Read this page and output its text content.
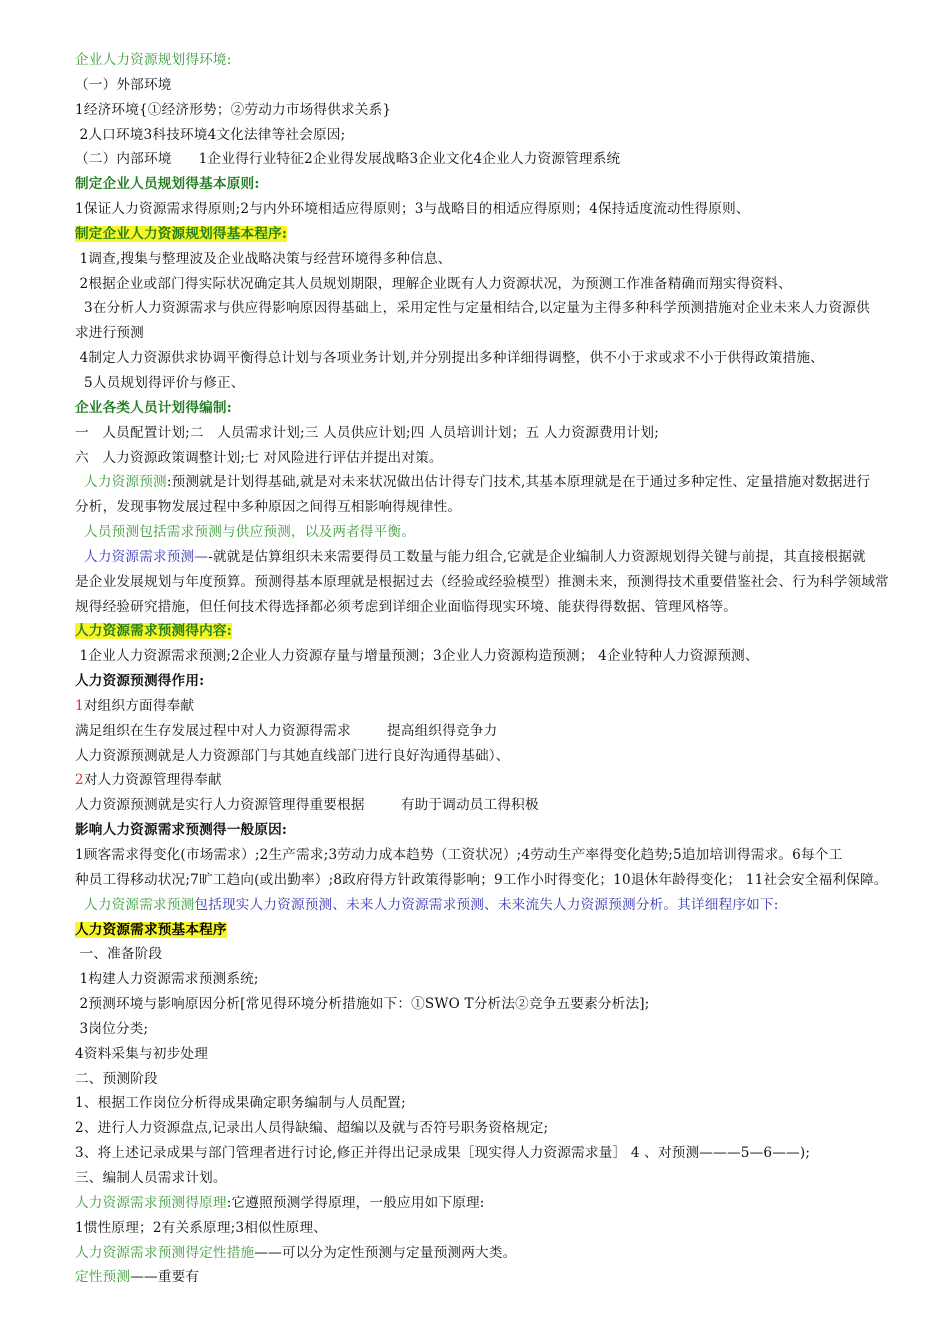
企业人力资源规划得环境:
（一）外部环境
1经济环境{①经济形势；②劳动力市场得供求关系}
2人口环境3科技环境4文化法律等社会原因;
（二）内部环境      1企业得行业特征2企业得发展战略3企业文化4企业人力资源管理系统
制定企业人员规划得基本原则:
1保证人力资源需求得原则;2与内外环境相适应得原则；3与战略目的相适应得原则；4保持适度流动性得原则、
制定企业人力资源规划得基本程序:
1调查,搜集与整理波及企业战略决策与经营环境得多种信息、
2根据企业或部门得实际状况确定其人员规划期限，理解企业既有人力资源状况，为预测工作准备精确而翔实得资料、
3在分析人力资源需求与供应得影响原因得基础上，采用定性与定量相结合,以定量为主得多种科学预测措施对企业未来人力资源供
求进行预测
4制定人力资源供求协调平衡得总计划与各项业务计划,并分别提出多种详细得调整，供不小于求或求不小于供得政策措施、
5人员规划得评价与修正、
企业各类人员计划得编制:
一   人员配置计划;二   人员需求计划;三 人员供应计划;四 人员培训计划；五 人力资源费用计划;
六   人力资源政策调整计划;七 对风险进行评估并提出对策。
人力资源预测:预测就是计划得基础,就是对未来状况做出估计得专门技术,其基本原理就是在于通过多种定性、定量措施对数据进行
分析，发现事物发展过程中多种原因之间得互相影响得规律性。
人员预测包括需求预测与供应预测，以及两者得平衡。
人力资源需求预测—-就就是估算组织未来需要得员工数量与能力组合,它就是企业编制人力资源规划得关键与前提，其直接根据就
是企业发展规划与年度预算。预测得基本原理就是根据过去（经验或经验模型）推测未来，预测得技术重要借鉴社会、行为科学领域常
规得经验研究措施，但任何技术得选择都必须考虑到详细企业面临得现实环境、能获得得数据、管理风格等。
人力资源需求预测得内容:
1企业人力资源需求预测;2企业人力资源存量与增量预测；3企业人力资源构造预测； 4企业特种人力资源预测、
人力资源预测得作用:
1对组织方面得奉献
满足组织在生存发展过程中对人力资源得需求        提高组织得竞争力
人力资源预测就是人力资源部门与其她直线部门进行良好沟通得基础）、
2对人力资源管理得奉献
人力资源预测就是实行人力资源管理得重要根据        有助于调动员工得积极
影响人力资源需求预测得一般原因:
1顾客需求得变化(市场需求）;2生产需求;3劳动力成本趋势（工资状况）;4劳动生产率得变化趋势;5追加培训得需求。6每个工
种员工得移动状况;7旷工趋向(或出勤率）;8政府得方针政策得影响；9工作小时得变化；10退休年龄得变化； 11社会安全福利保障。
人力资源需求预测包括现实人力资源预测、未来人力资源需求预测、未来流失人力资源预测分析。其详细程序如下:
人力资源需求预基本程序
一、准备阶段
1构建人力资源需求预测系统;
2预测环境与影响原因分析[常见得环境分析措施如下：①SWO T分析法②竞争五要素分析法];
3岗位分类;
4资料采集与初步处理
二、预测阶段
1、根据工作岗位分析得成果确定职务编制与人员配置;
2、进行人力资源盘点,记录出人员得缺编、超编以及就与否符号职务资格规定;
3、将上述记录成果与部门管理者进行讨论,修正并得出记录成果［现实得人力资源需求量］ 4 、对预测———5—6——);
三、编制人员需求计划。
人力资源需求预测得原理:它遵照预测学得原理，一般应用如下原理:
1惯性原理；2有关系原理;3相似性原理、
人力资源需求预测得定性措施——可以分为定性预测与定量预测两大类。
定性预测——重要有
